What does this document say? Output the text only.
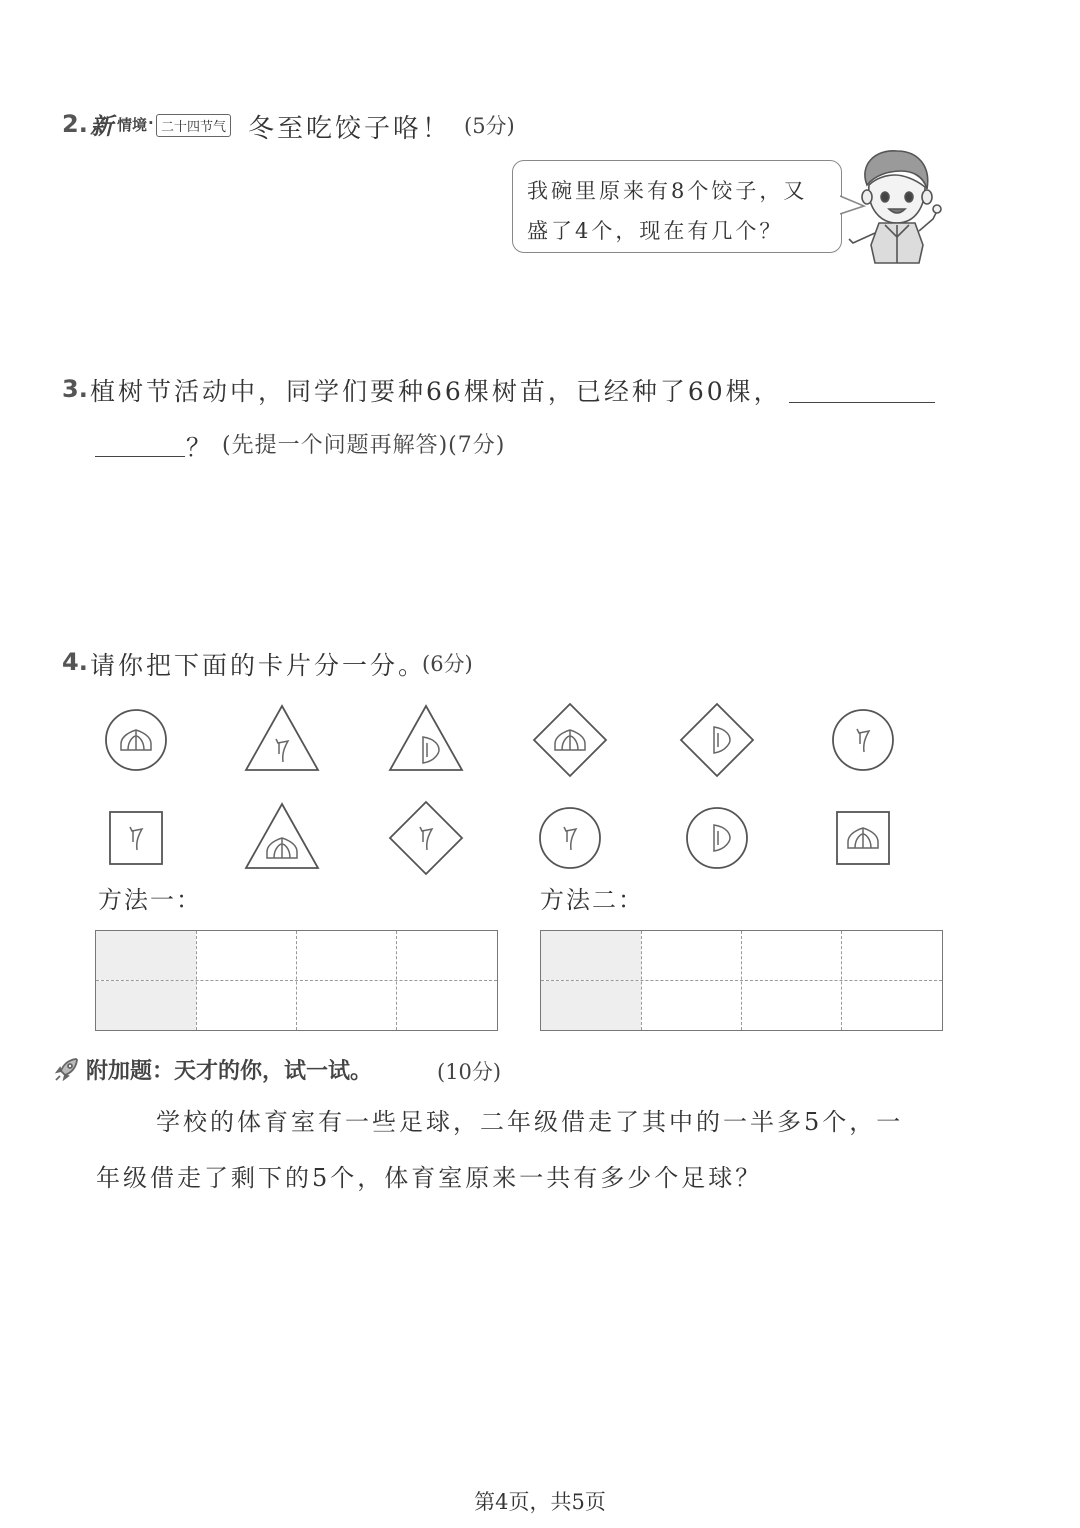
2. 新 情境 · 二十四节气 冬至吃饺子咯！ (5分)

我碗里原来有8个饺子，又

盛了4个，现在有几个？

3. 植树节活动中，同学们要种66棵树苗，已经种了60棵，
？ (先提一个问题再解答)(7分)
4. 请你把下面的卡片分一分。
(6分)
方法一：	方法二：
附加题：天才的你，试一试。	(10分)

学校的体育室有一些足球，二年级借走了其中的一半多5个，一

年级借走了剩下的5个，体育室原来一共有多少个足球？

第4页，共5页
